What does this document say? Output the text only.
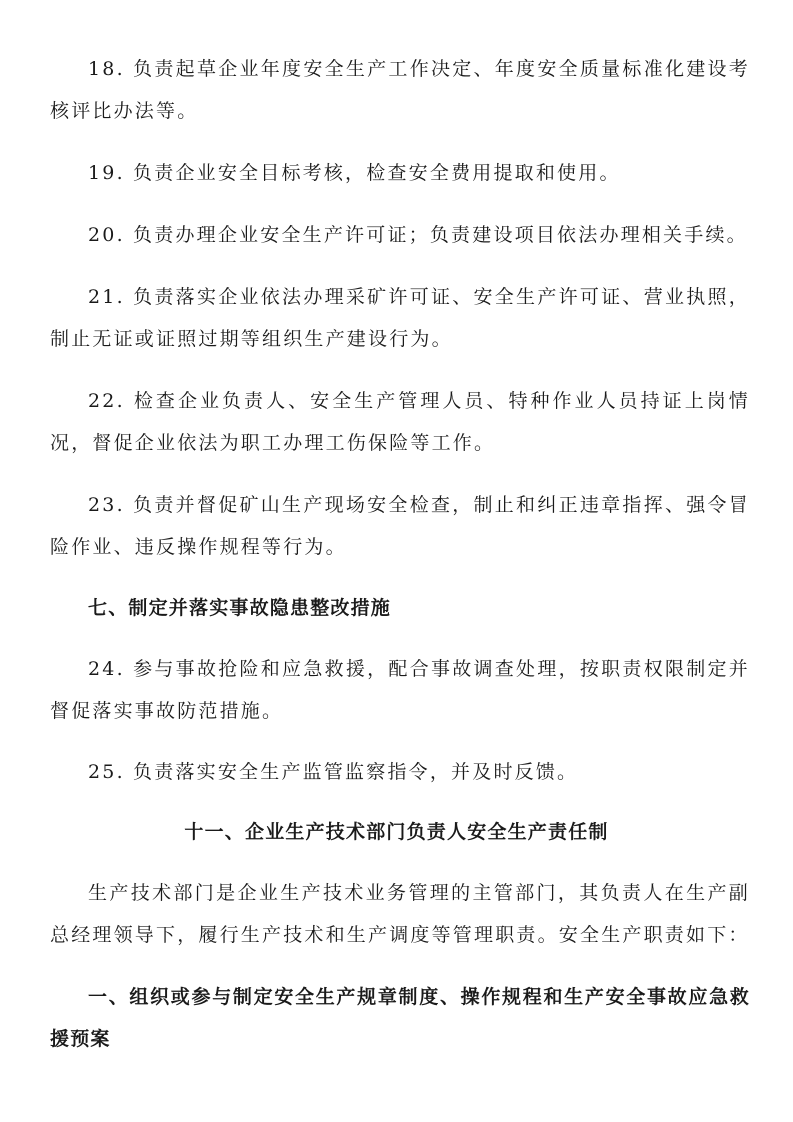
18. 负责起草企业年度安全生产工作决定、年度安全质量标准化建设考核评比办法等。

19. 负责企业安全目标考核，检查安全费用提取和使用。

20. 负责办理企业安全生产许可证；负责建设项目依法办理相关手续。

21. 负责落实企业依法办理采矿许可证、安全生产许可证、营业执照，制止无证或证照过期等组织生产建设行为。

22. 检查企业负责人、安全生产管理人员、特种作业人员持证上岗情况，督促企业依法为职工办理工伤保险等工作。

23. 负责并督促矿山生产现场安全检查，制止和纠正违章指挥、强令冒险作业、违反操作规程等行为。

七、制定并落实事故隐患整改措施

24. 参与事故抢险和应急救援，配合事故调查处理，按职责权限制定并督促落实事故防范措施。

25. 负责落实安全生产监管监察指令，并及时反馈。

十一、企业生产技术部门负责人安全生产责任制

生产技术部门是企业生产技术业务管理的主管部门，其负责人在生产副总经理领导下，履行生产技术和生产调度等管理职责。安全生产职责如下：

一、组织或参与制定安全生产规章制度、操作规程和生产安全事故应急救援预案
